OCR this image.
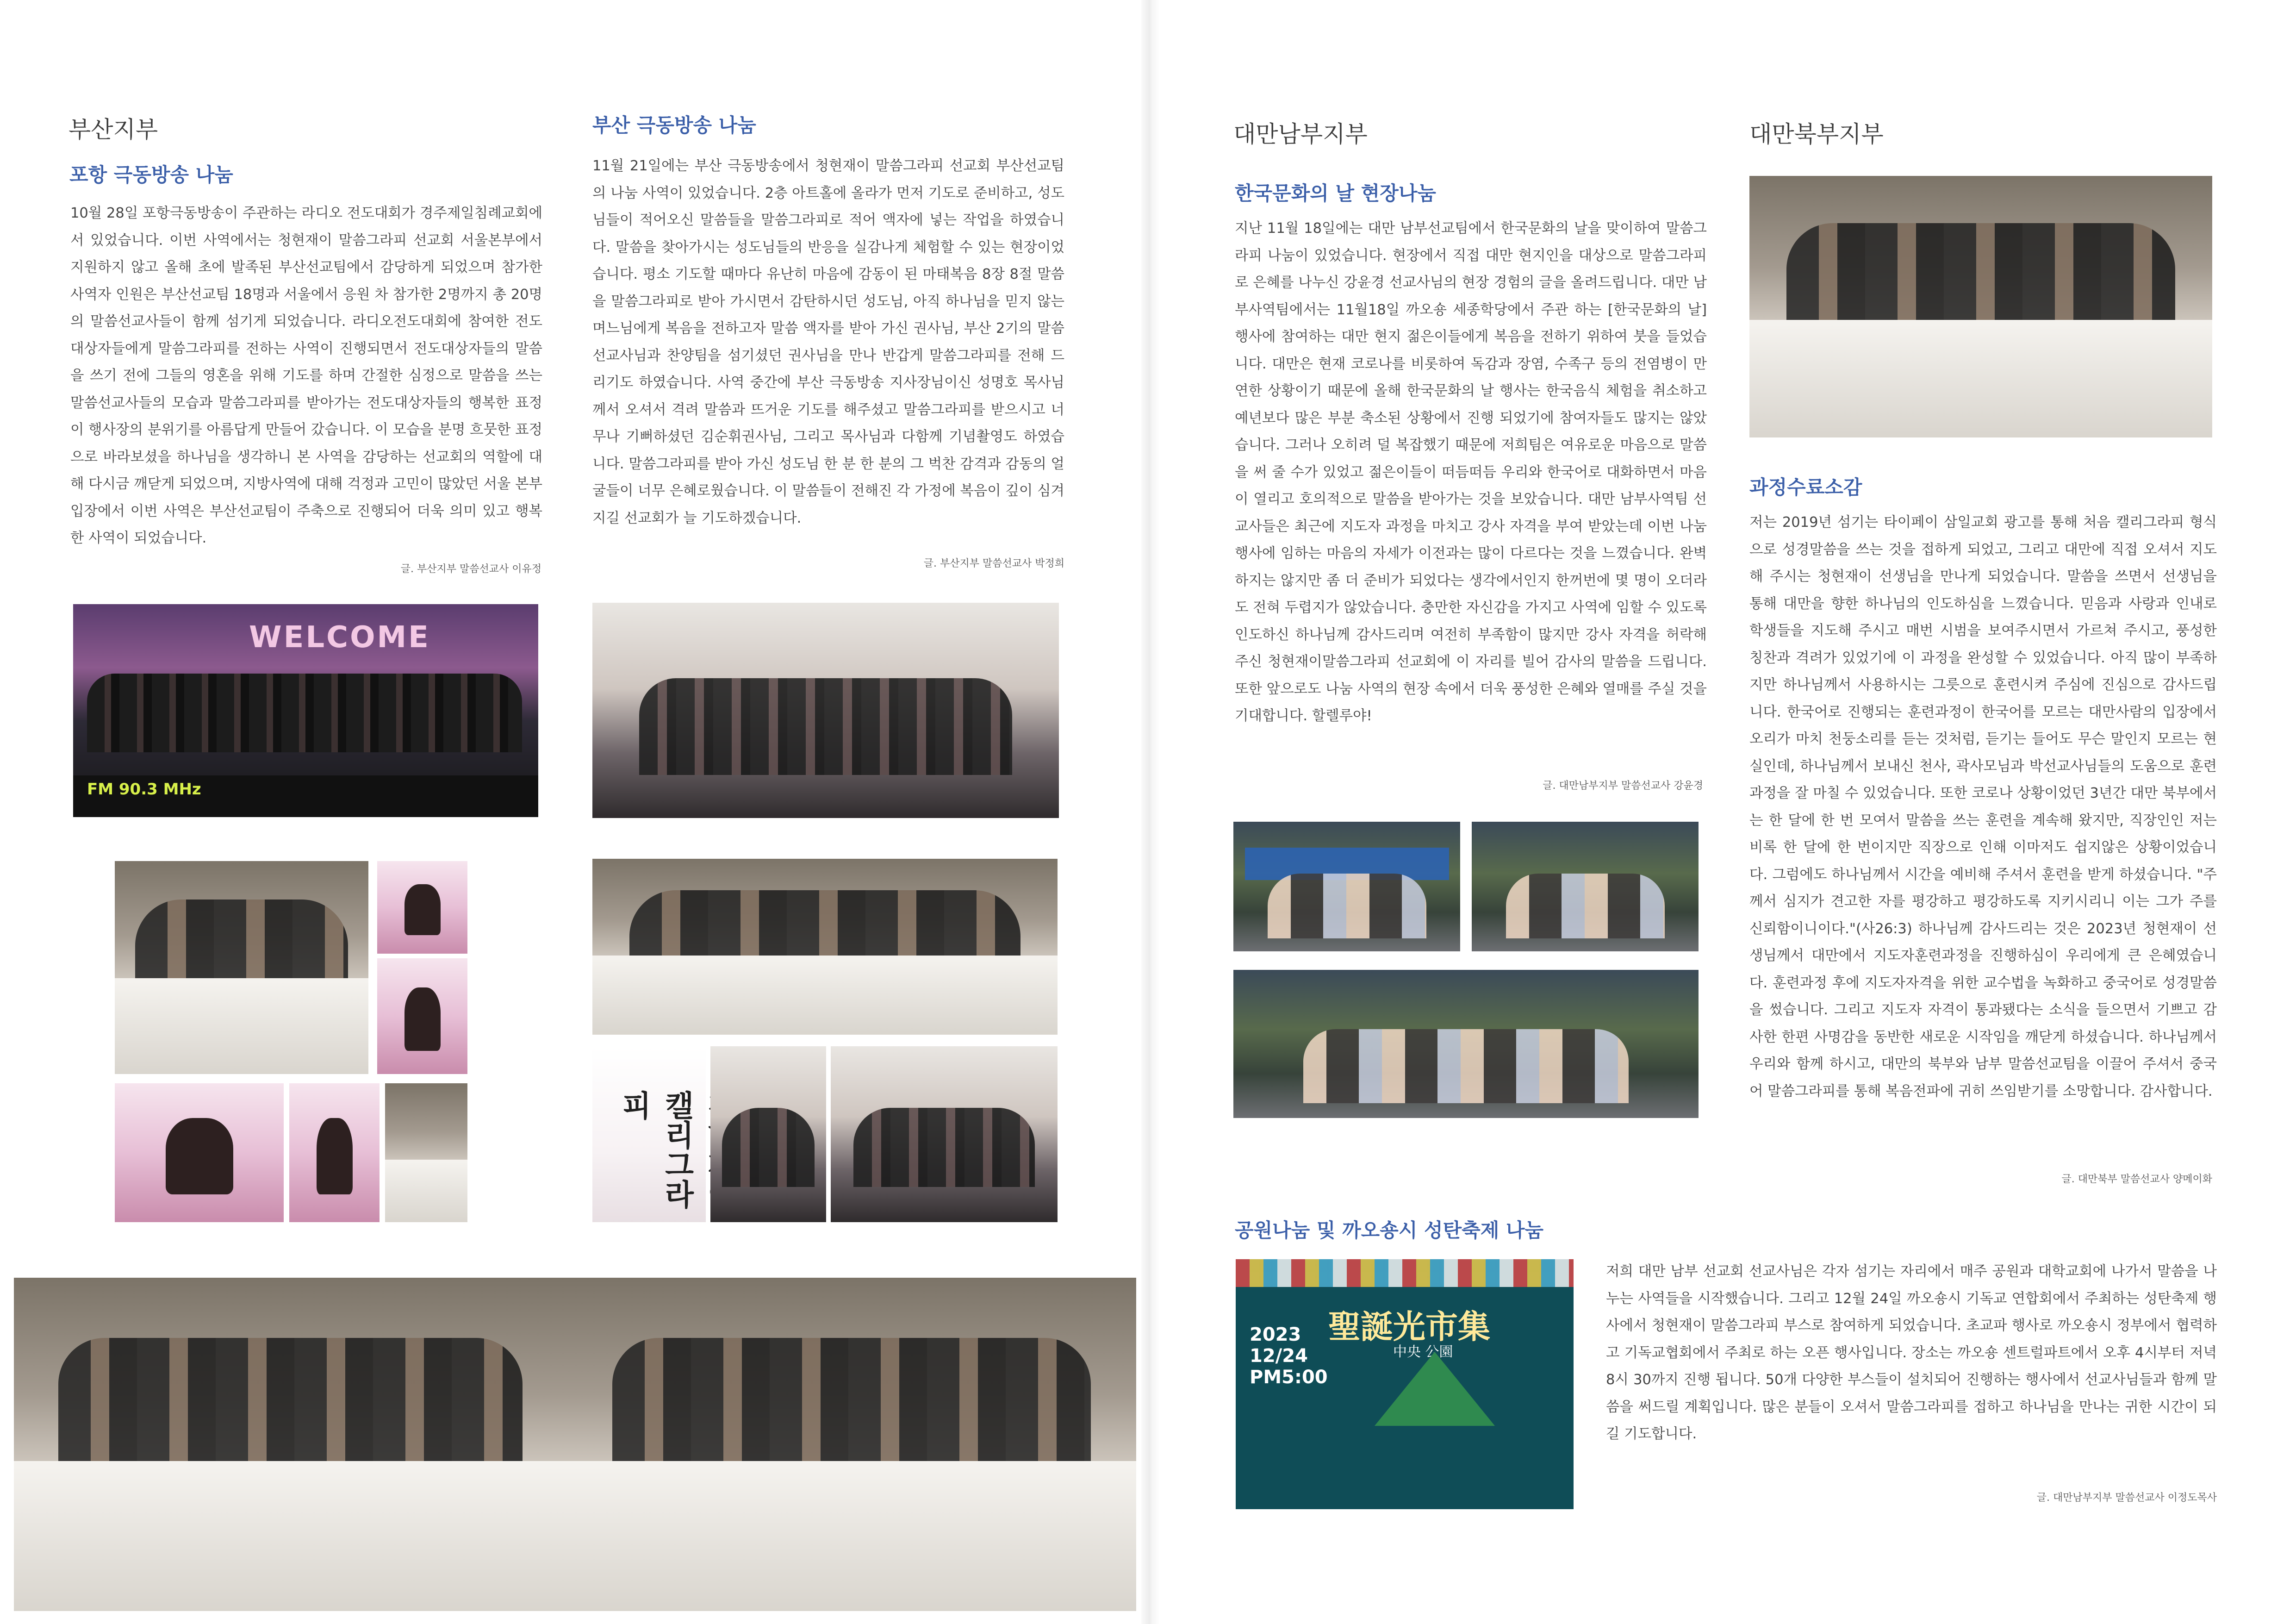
부산지부
포항 극동방송 나눔

10월 28일 포항극동방송이 주관하는 라디오 전도대회가 경주제일침례교회에서 있었습니다. 이번 사역에서는 청현재이 말씀그라피 선교회 서울본부에서 지원하지 않고 올해 초에 발족된 부산선교팀에서 감당하게 되었으며 참가한 사역자 인원은 부산선교팀 18명과 서울에서 응원 차 참가한 2명까지 총 20명의 말씀선교사들이 함께 섬기게 되었습니다. 라디오전도대회에 참여한 전도대상자들에게 말씀그라피를 전하는 사역이 진행되면서 전도대상자들의 말씀을 쓰기 전에 그들의 영혼을 위해 기도를 하며 간절한 심정으로 말씀을 쓰는 말씀선교사들의 모습과 말씀그라피를 받아가는 전도대상자들의 행복한 표정이 행사장의 분위기를 아름답게 만들어 갔습니다. 이 모습을 분명 흐뭇한 표정으로 바라보셨을 하나님을 생각하니 본 사역을 감당하는 선교회의 역할에 대해 다시금 깨닫게 되었으며, 지방사역에 대해 걱정과 고민이 많았던 서울 본부 입장에서 이번 사역은 부산선교팀이 주축으로 진행되어 더욱 의미 있고 행복한 사역이 되었습니다.

글. 부산지부 말씀선교사 이유정
부산 극동방송 나눔

11월 21일에는 부산 극동방송에서 청현재이 말씀그라피 선교회 부산선교팀의 나눔 사역이 있었습니다. 2층 아트홀에 올라가 먼저 기도로 준비하고, 성도님들이 적어오신 말씀들을 말씀그라피로 적어 액자에 넣는 작업을 하였습니다. 말씀을 찾아가시는 성도님들의 반응을 실감나게 체험할 수 있는 현장이었습니다. 평소 기도할 때마다 유난히 마음에 감동이 된 마태복음 8장 8절 말씀을 말씀그라피로 받아 가시면서 감탄하시던 성도님, 아직 하나님을 믿지 않는 며느님에게 복음을 전하고자 말씀 액자를 받아 가신 권사님, 부산 2기의 말씀선교사님과 찬양팀을 섬기셨던 권사님을 만나 반갑게 말씀그라피를 전해 드리기도 하였습니다. 사역 중간에 부산 극동방송 지사장님이신 성명호 목사님께서 오셔서 격려 말씀과 뜨거운 기도를 해주셨고 말씀그라피를 받으시고 너무나 기뻐하셨던 김순휘권사님, 그리고 목사님과 다함께 기념촬영도 하였습니다. 말씀그라피를 받아 가신 성도님 한 분 한 분의 그 벅찬 감격과 감동의 얼굴들이 너무 은혜로웠습니다. 이 말씀들이 전해진 각 가정에 복음이 깊이 심겨지길 선교회가 늘 기도하겠습니다.

글. 부산지부 말씀선교사 박정희
WELCOME
FM 90.3 MHz
캘리그라피
대만남부지부
한국문화의 날 현장나눔

지난 11월 18일에는 대만 남부선교팀에서 한국문화의 날을 맞이하여 말씀그라피 나눔이 있었습니다. 현장에서 직접 대만 현지인을 대상으로 말씀그라피로 은혜를 나누신 강윤경 선교사님의 현장 경험의 글을 올려드립니다. 대만 남부사역팀에서는 11월18일 까오숑 세종학당에서 주관 하는 [한국문화의 날] 행사에 참여하는 대만 현지 젊은이들에게 복음을 전하기 위하여 붓을 들었습니다. 대만은 현재 코로나를 비롯하여 독감과 장염, 수족구 등의 전염병이 만연한 상황이기 때문에 올해 한국문화의 날 행사는 한국음식 체험을 취소하고 예년보다 많은 부분 축소된 상황에서 진행 되었기에 참여자들도 많지는 않았습니다. 그러나 오히려 덜 복잡했기 때문에 저희팀은 여유로운 마음으로 말씀을 써 줄 수가 있었고 젊은이들이 떠듬떠듬 우리와 한국어로 대화하면서 마음이 열리고 호의적으로 말씀을 받아가는 것을 보았습니다. 대만 남부사역팀 선교사들은 최근에 지도자 과정을 마치고 강사 자격을 부여 받았는데 이번 나눔 행사에 임하는 마음의 자세가 이전과는 많이 다르다는 것을 느꼈습니다. 완벽하지는 않지만 좀 더 준비가 되었다는 생각에서인지 한꺼번에 몇 명이 오더라도 전혀 두렵지가 않았습니다. 충만한 자신감을 가지고 사역에 임할 수 있도록 인도하신 하나님께 감사드리며 여전히 부족함이 많지만 강사 자격을 허락해 주신 청현재이말씀그라피 선교회에 이 자리를 빌어 감사의 말씀을 드립니다. 또한 앞으로도 나눔 사역의 현장 속에서 더욱 풍성한 은혜와 열매를 주실 것을 기대합니다. 할렐루야!

글. 대만남부지부 말씀선교사 강윤경
대만북부지부
과정수료소감

저는 2019년 섬기는 타이페이 삼일교회 광고를 통해 처음 캘리그라피 형식으로 성경말씀을 쓰는 것을 접하게 되었고, 그리고 대만에 직접 오셔서 지도해 주시는 청현재이 선생님을 만나게 되었습니다. 말씀을 쓰면서 선생님을 통해 대만을 향한 하나님의 인도하심을 느꼈습니다. 믿음과 사랑과 인내로 학생들을 지도해 주시고 매번 시범을 보여주시면서 가르쳐 주시고, 풍성한 칭찬과 격려가 있었기에 이 과정을 완성할 수 있었습니다. 아직 많이 부족하지만 하나님께서 사용하시는 그릇으로 훈련시켜 주심에 진심으로 감사드립니다. 한국어로 진행되는 훈련과정이 한국어를 모르는 대만사람의 입장에서 오리가 마치 천둥소리를 듣는 것처럼, 듣기는 들어도 무슨 말인지 모르는 현실인데, 하나님께서 보내신 천사, 곽사모님과 박선교사님들의 도움으로 훈련과정을 잘 마칠 수 있었습니다. 또한 코로나 상황이었던 3년간 대만 북부에서는 한 달에 한 번 모여서 말씀을 쓰는 훈련을 계속해 왔지만, 직장인인 저는 비록 한 달에 한 번이지만 직장으로 인해 이마저도 쉽지않은 상황이었습니다. 그럼에도 하나님께서 시간을 예비해 주셔서 훈련을 받게 하셨습니다. "주께서 심지가 견고한 자를 평강하고 평강하도록 지키시리니 이는 그가 주를 신뢰함이니이다."(사26:3) 하나님께 감사드리는 것은 2023년 청현재이 선생님께서 대만에서 지도자훈련과정을 진행하심이 우리에게 큰 은혜였습니다. 훈련과정 후에 지도자자격을 위한 교수법을 녹화하고 중국어로 성경말씀을 썼습니다. 그리고 지도자 자격이 통과됐다는 소식을 들으면서 기쁘고 감사한 한편 사명감을 동반한 새로운 시작임을 깨닫게 하셨습니다. 하나님께서 우리와 함께 하시고, 대만의 북부와 남부 말씀선교팀을 이끌어 주셔서 중국어 말씀그라피를 통해 복음전파에 귀히 쓰임받기를 소망합니다. 감사합니다.

글. 대만북부 말씀선교사 양메이화
공원나눔 및 까오숑시 성탄축제 나눔
2023
12/24
PM5:00
聖誕光市集
中央 公園

저희 대만 남부 선교회 선교사님은 각자 섬기는 자리에서 매주 공원과 대학교회에 나가서 말씀을 나누는 사역들을 시작했습니다. 그리고 12월 24일 까오숑시 기독교 연합회에서 주최하는 성탄축제 행사에서 청현재이 말씀그라피 부스로 참여하게 되었습니다. 초교파 행사로 까오숑시 정부에서 협력하고 기독교협회에서 주최로 하는 오픈 행사입니다. 장소는 까오숑 센트럴파트에서 오후 4시부터 저녁 8시 30까지 진행 됩니다. 50개 다양한 부스들이 설치되어 진행하는 행사에서 선교사님들과 함께 말씀을 써드릴 계획입니다. 많은 분들이 오셔서 말씀그라피를 접하고 하나님을 만나는 귀한 시간이 되길 기도합니다.

글. 대만남부지부 말씀선교사 이정도목사
